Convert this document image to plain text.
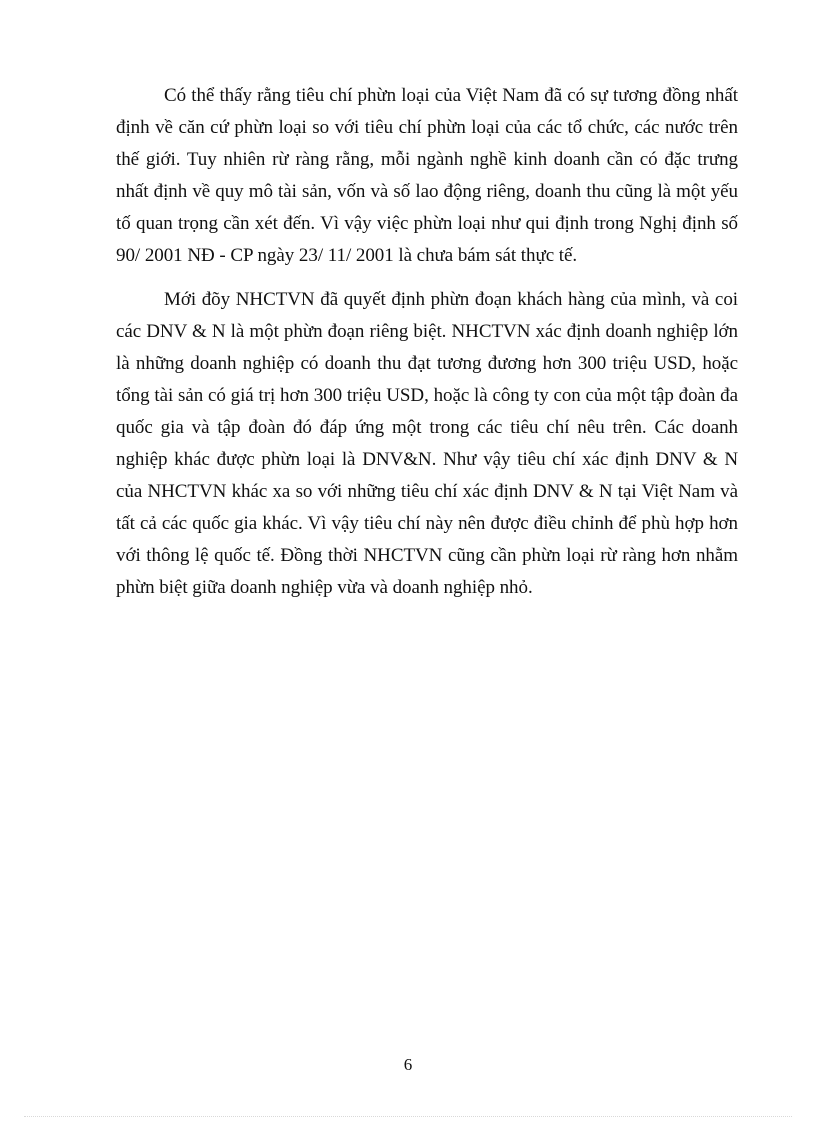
Có thể thấy rằng tiêu chí phừn loại của Việt Nam đã có sự tương đồng nhất định về căn cứ phừn loại so với tiêu chí phừn loại của các tổ chức, các nước trên thế giới. Tuy nhiên rừ ràng rằng, mỗi ngành nghề kinh doanh cần có đặc trưng nhất định về quy mô tài sản, vốn và số lao động riêng, doanh thu cũng là một yếu tố quan trọng cần xét đến. Vì vậy việc phừn loại như qui định trong Nghị định số 90/ 2001 NĐ - CP ngày 23/ 11/ 2001 là chưa bám sát thực tế.

Mới đõy NHCTVN đã quyết định phừn đoạn khách hàng của mình, và coi các DNV & N là một phừn đoạn riêng biệt. NHCTVN xác định doanh nghiệp lớn là những doanh nghiệp có doanh thu đạt tương đương hơn 300 triệu USD, hoặc tổng tài sản có giá trị hơn 300 triệu USD, hoặc là công ty con của một tập đoàn đa quốc gia và tập đoàn đó đáp ứng một trong các tiêu chí nêu trên. Các doanh nghiệp khác được phừn loại là DNV&N. Như vậy tiêu chí xác định DNV & N của NHCTVN khác xa so với những tiêu chí xác định DNV & N tại Việt Nam và tất cả các quốc gia khác. Vì vậy tiêu chí này nên được điều chỉnh để phù hợp hơn với thông lệ quốc tế. Đồng thời NHCTVN cũng cần phừn loại rừ ràng hơn nhằm phừn biệt giữa doanh nghiệp vừa và doanh nghiệp nhỏ.

6
